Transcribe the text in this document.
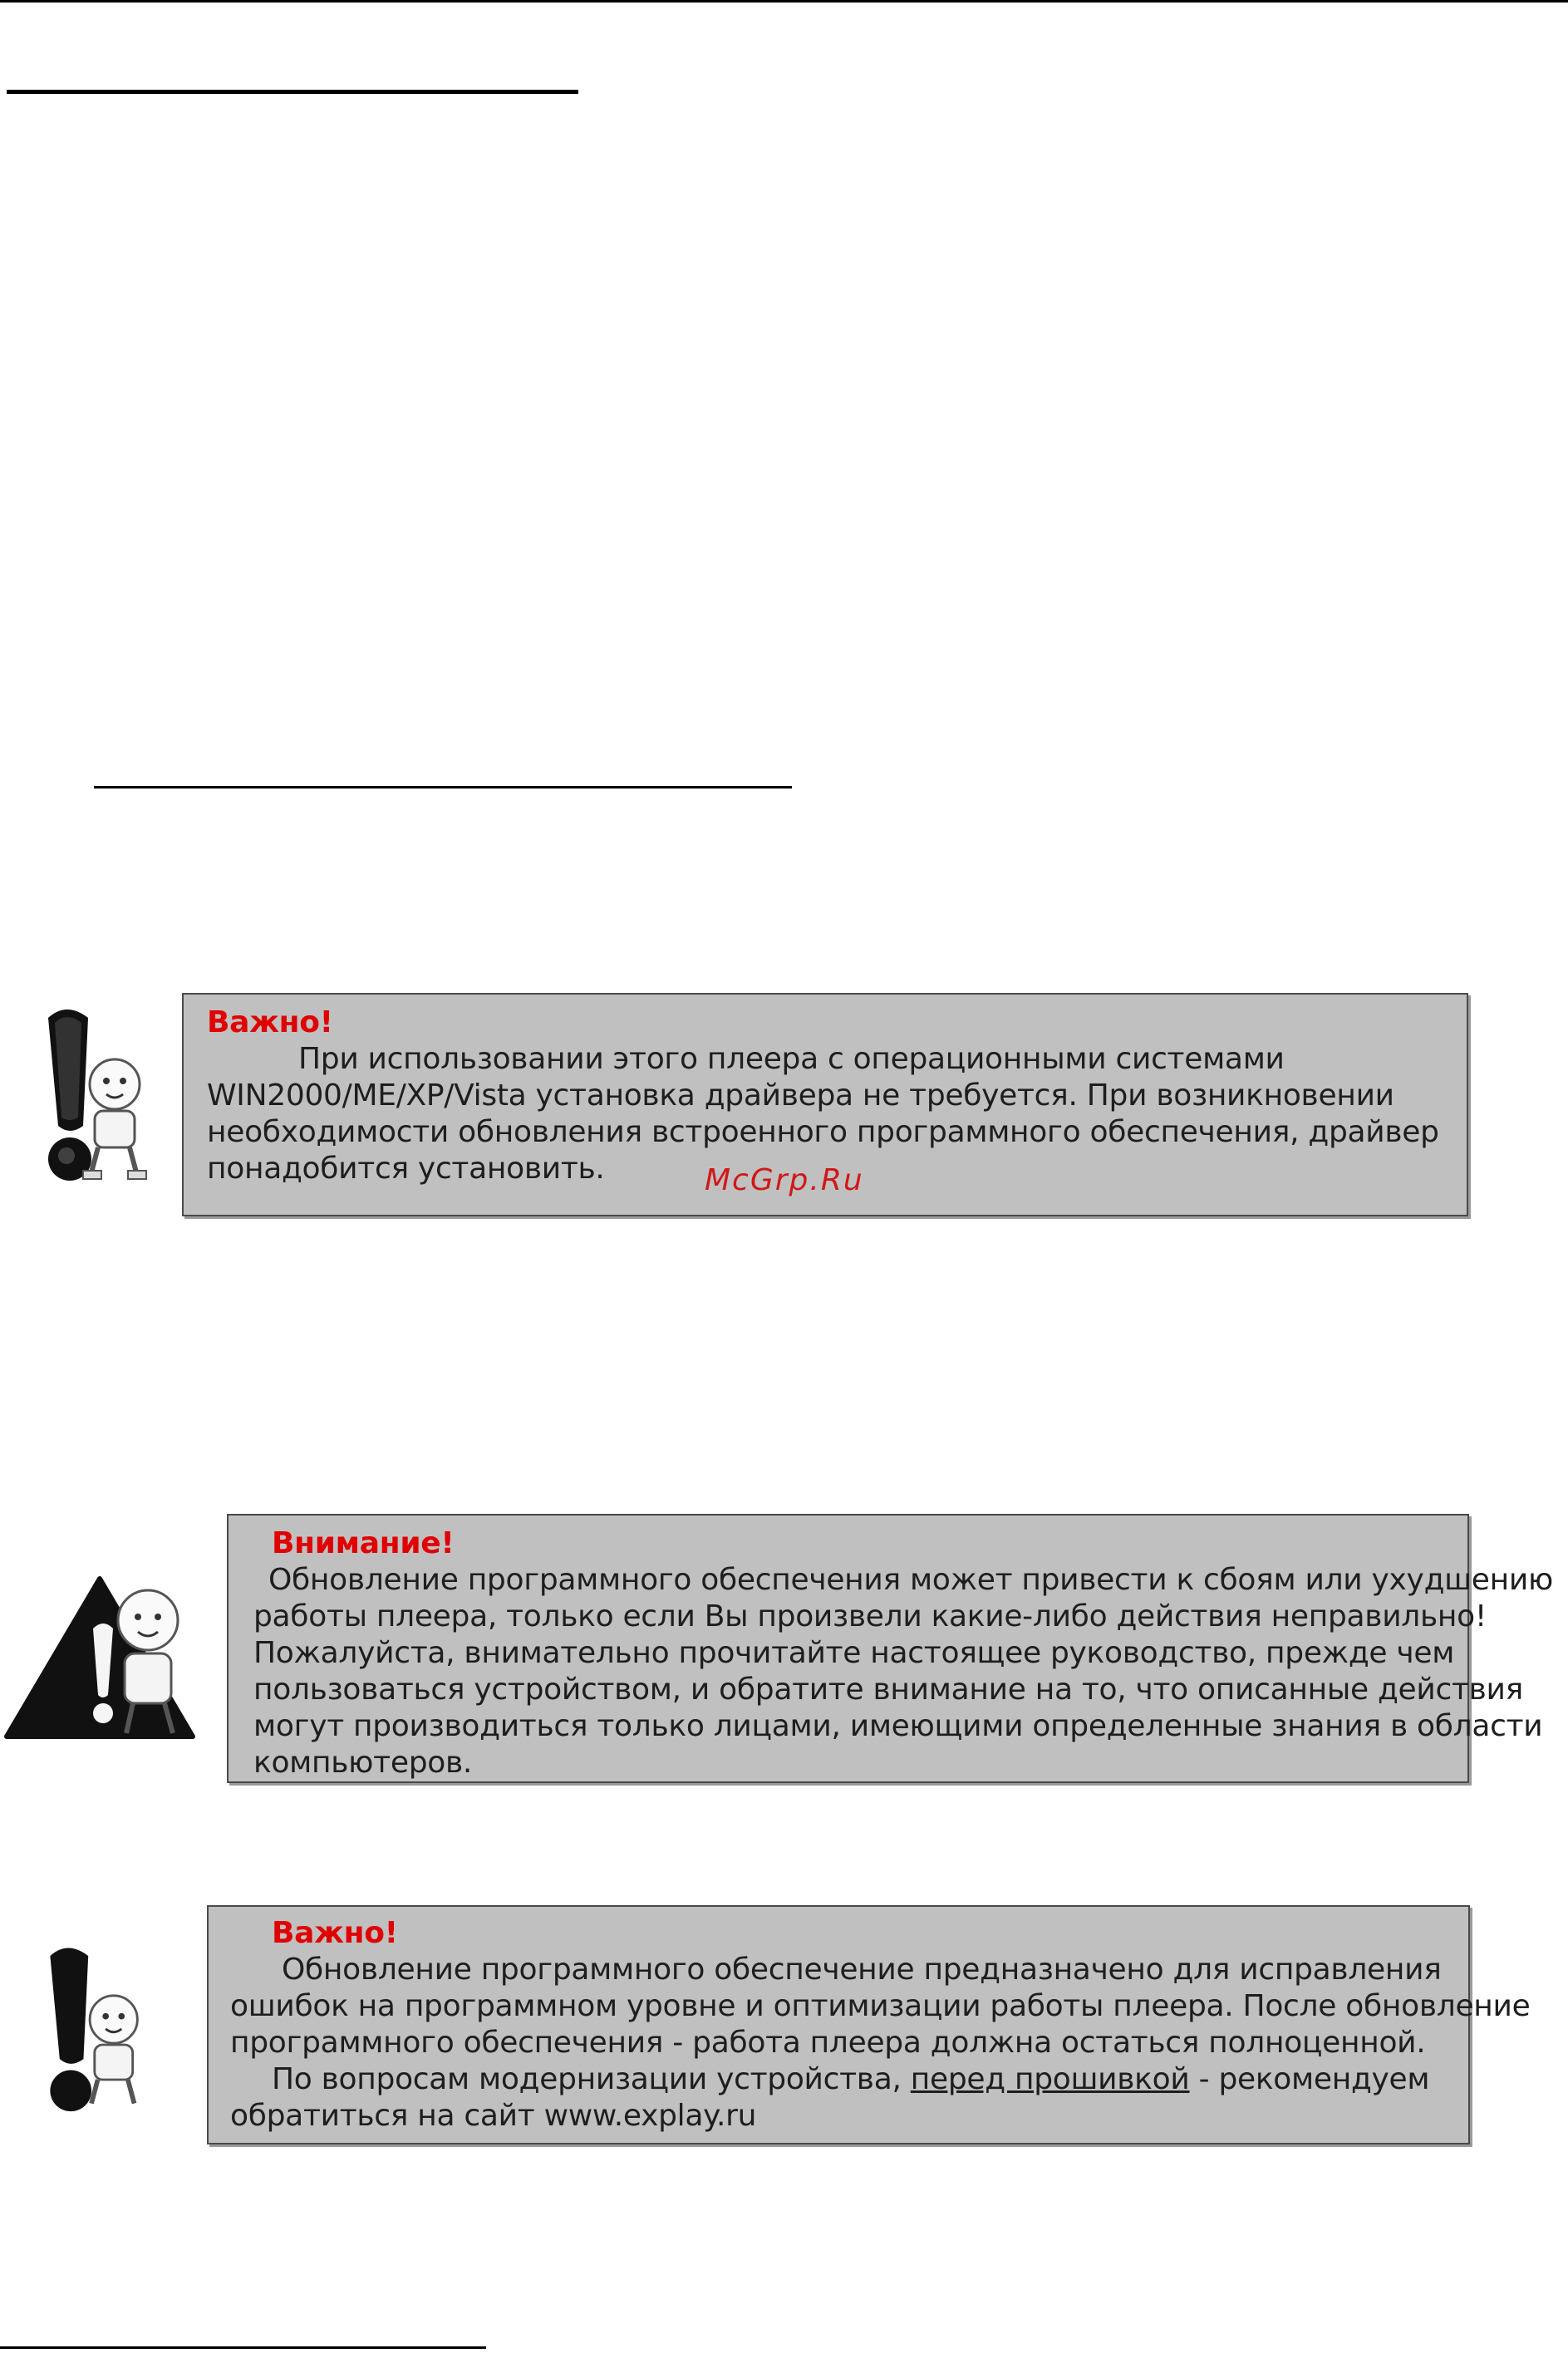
Важно!
При использовании этого плеера с операционными системами
WIN2000/ME/XP/Vista установка драйвера не требуется. При возникновении
необходимости обновления встроенного программного обеспечения, драйвер
понадобится установить.	McGrp.Ru
Внимание!
Обновление программного обеспечения может привести к сбоям или ухудшению
работы плеера, только если Вы произвели какие-либо действия неправильно!
Пожалуйста, внимательно прочитайте настоящее руководство, прежде чем
пользоваться устройством, и обратите внимание на то, что описанные действия
могут производиться только лицами, имеющими определенные знания в области
компьютеров.
Важно!
Обновление программного обеспечение предназначено для исправления
ошибок на программном уровне и оптимизации работы плеера. После обновление
программного обеспечения - работа плеера должна остаться полноценной.
По вопросам модернизации устройства, перед прошивкой - рекомендуем
обратиться на сайт www.explay.ru
